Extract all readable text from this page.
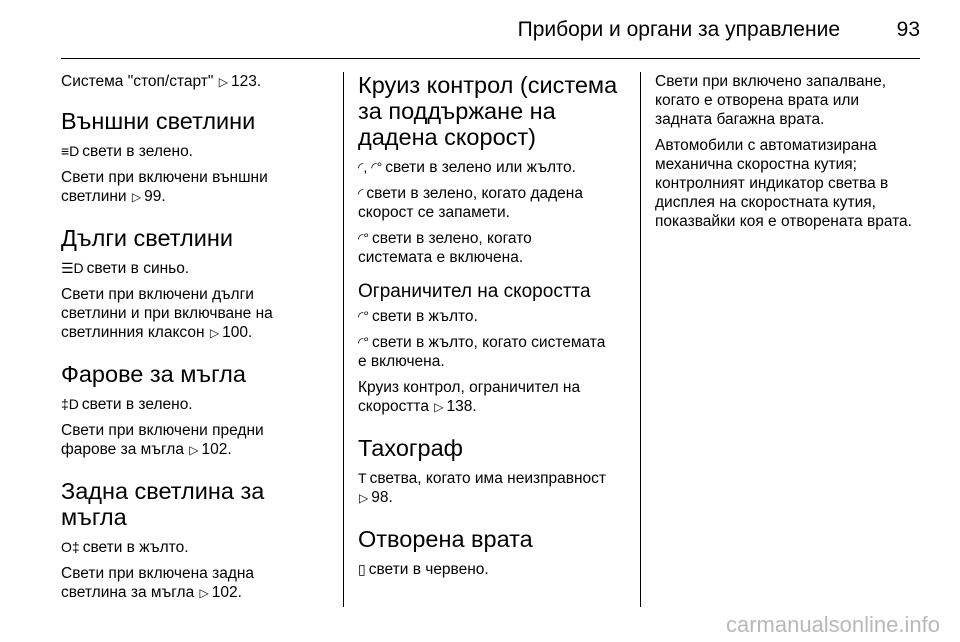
Прибори и органи за управление	93

Система "стоп/старт" ▷ 123.

Външни светлини

≡D свети в зелено.

Свети при включени външни
светлини ▷ 99.

Дълги светлини

☰D свети в синьо.

Свети при включени дълги
светлини и при включване на
светлинния клаксон ▷ 100.

Фарове за мъгла

‡D свети в зелено.

Свети при включени предни
фарове за мъгла ▷ 102.

Задна светлина за мъгла

O‡ свети в жълто.

Свети при включена задна
светлина за мъгла ▷ 102.

Круиз контрол (система
за поддържане на
дадена скорост)

◜, ◜° свети в зелено или жълто.

◜ свети в зелено, когато дадена
скорост се запамети.

◜° свети в зелено, когато
системата е включена.

Ограничител на скоростта

◜° свети в жълто.

◜° свети в жълто, когато системата
е включена.

Круиз контрол, ограничител на
скоростта ▷ 138.

Тахограф

T светва, когато има неизправност
▷ 98.

Отворена врата

▯ свети в червено.

Свети при включено запалване,
когато е отворена врата или
задната багажна врата.

Автомобили с автоматизирана
механична скоростна кутия;
контролният индикатор светва в
дисплея на скоростната кутия,
показвайки коя е отворената врата.

carmanualsonline.info
